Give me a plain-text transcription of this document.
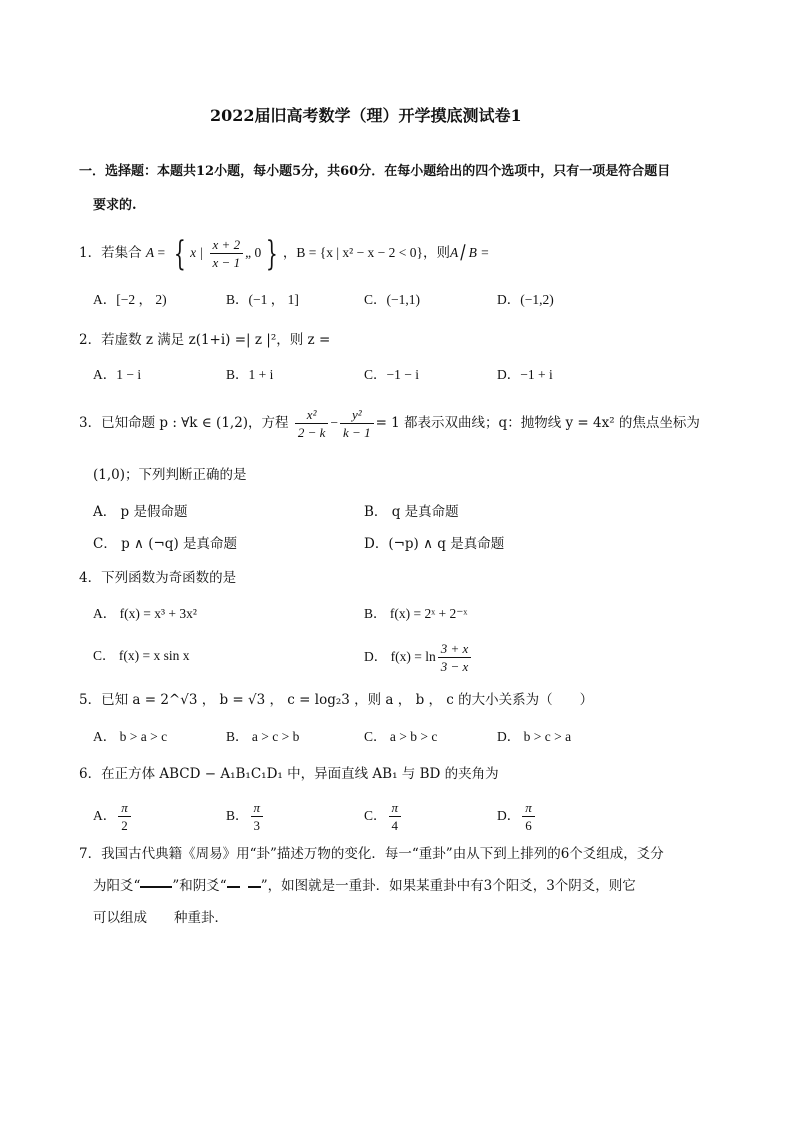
2022届旧高考数学（理）开学摸底测试卷1
一．选择题：本题共12小题，每小题5分，共60分．在每小题给出的四个选项中，只有一项是符合题目
要求的.
1．若集合 A = { x | $\frac{x + 2}{x - 1}$ „ 0 } ，B = {x | x² − x − 2 < 0}，则A⎮ B =
A．[−2 ， 2)	B．(−1 ， 1]	C．(−1,1)	D．(−1,2)
2．若虚数 z 满足 z(1+i) =| z |²，则 z =
A．1 − i	B．1 + i	C．−1 − i	D．−1 + i
3．已知命题 p : ∀k ∈ (1,2)，方程 $\frac{\text{x²}}{2 - k} - \frac{\text{y²}}{k - 1} = 1$ 都表示双曲线；q：抛物线 y = 4x² 的焦点坐标为
(1,0)；下列判断正确的是
A． p 是假命题	B． q 是真命题
C． p ∧ (¬q) 是真命题	D．(¬p) ∧ q 是真命题
4．下列函数为奇函数的是
A． f(x) = x³ + 3x²	B． f(x) = 2ˣ + 2⁻ˣ
C． f(x) = x sin x	D． $f(x) = \ln \frac{3 + x}{3 - x}$
5．已知 a = 2^√3 ， b = √3 ， c = log₂3 ，则 a ， b ， c 的大小关系为（　　）
A． b > a > c	B． a > c > b	C． a > b > c	D． b > c > a
6．在正方体 ABCD − A₁B₁C₁D₁ 中，异面直线 AB₁ 与 BD 的夹角为
A． $\frac{\pi}{2}$	B． $\frac{\pi}{3}$	C． $\frac{\pi}{4}$	D． $\frac{\pi}{6}$
7．我国古代典籍《周易》用“卦”描述万物的变化．每一“重卦”由从下到上排列的6个爻组成，爻分
为阳爻“ ”和阴爻“	”，如图就是一重卦．如果某重卦中有3个阳爻，3个阴爻，则它
可以组成　　种重卦．
